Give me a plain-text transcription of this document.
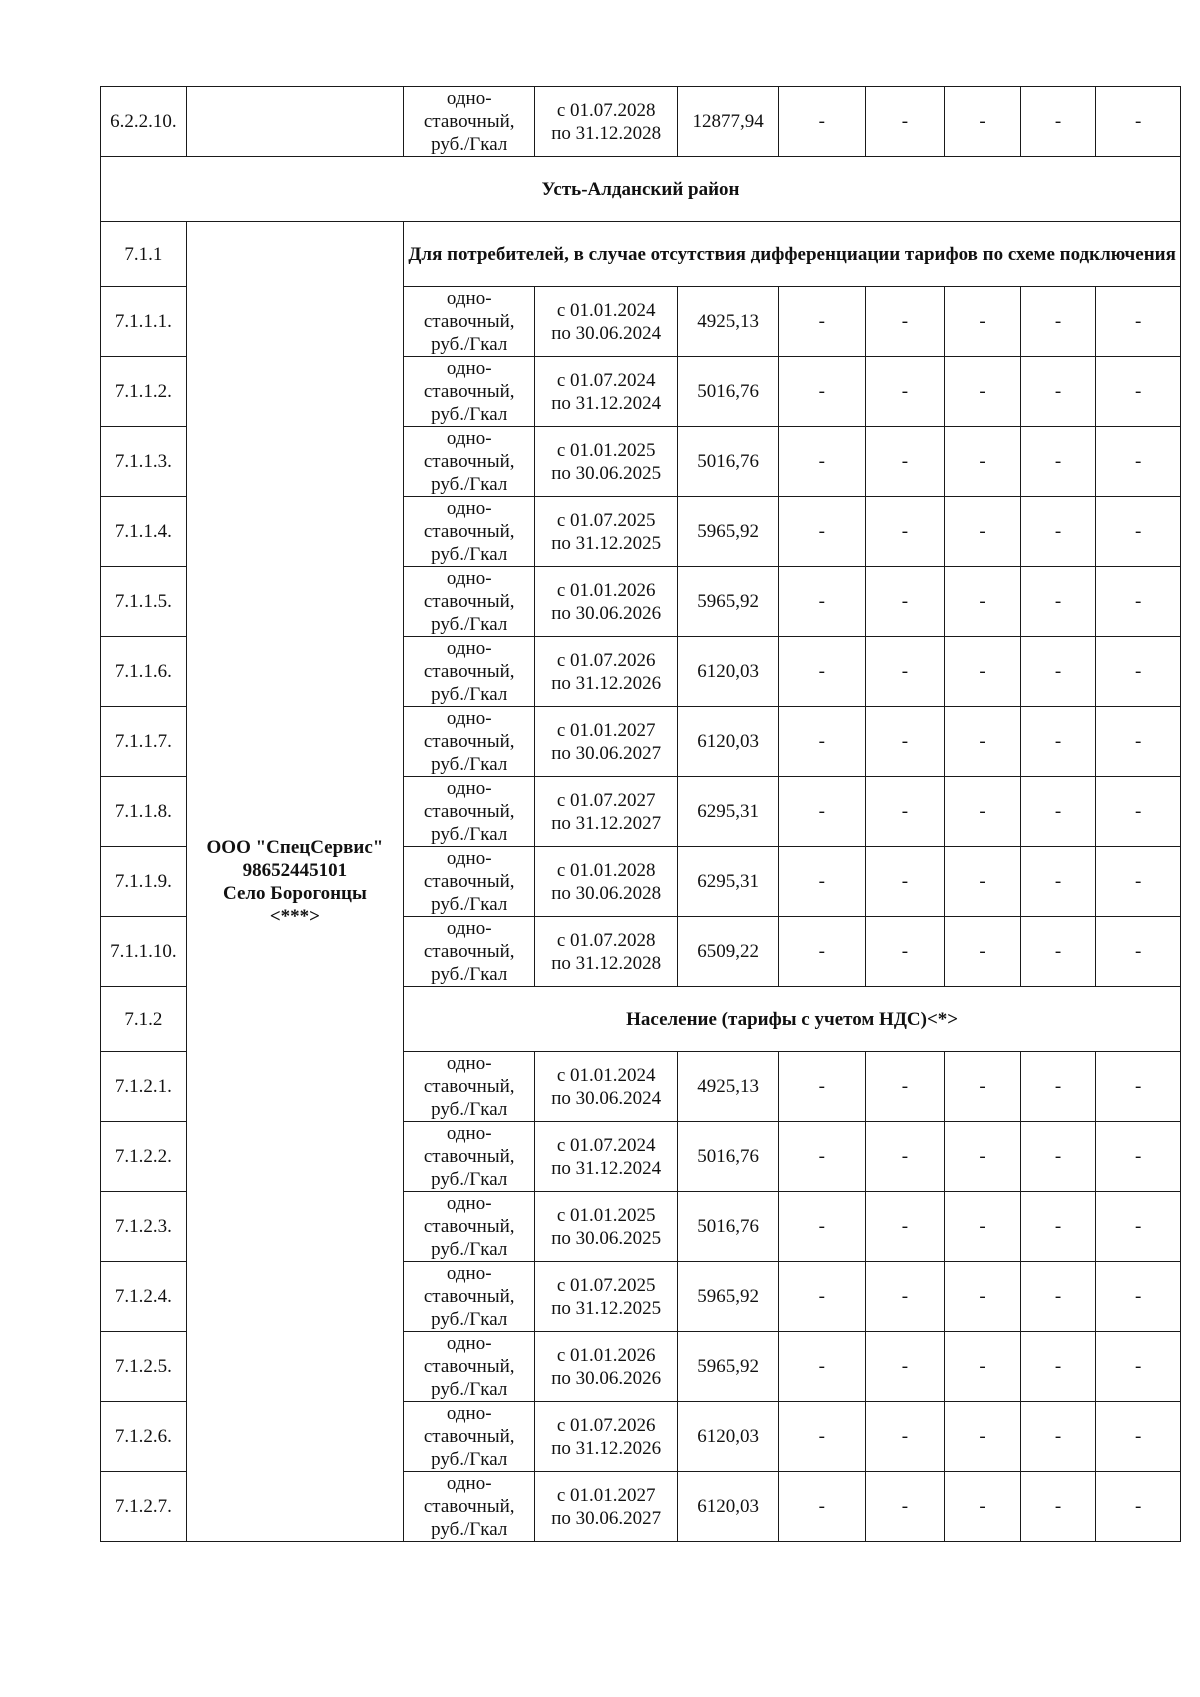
6.2.2.10.		одно-
ставочный,
руб./Гкал	с 01.07.2028
по 31.12.2028	12877,94	-	-	-	-	-
Усть-Алданский район									
7.1.1	ООО "СпецСервис"
98652445101
Село Борогонцы
<***>	Для потребителей, в случае отсутствия дифференциации тарифов по схеме подключения							
7.1.1.1.		одно-
ставочный,
руб./Гкал	с 01.01.2024
по 30.06.2024	4925,13	-	-	-	-	-
7.1.1.2.		одно-
ставочный,
руб./Гкал	с 01.07.2024
по 31.12.2024	5016,76	-	-	-	-	-
7.1.1.3.		одно-
ставочный,
руб./Гкал	с 01.01.2025
по 30.06.2025	5016,76	-	-	-	-	-
7.1.1.4.		одно-
ставочный,
руб./Гкал	с 01.07.2025
по 31.12.2025	5965,92	-	-	-	-	-
7.1.1.5.		одно-
ставочный,
руб./Гкал	с 01.01.2026
по 30.06.2026	5965,92	-	-	-	-	-
7.1.1.6.		одно-
ставочный,
руб./Гкал	с 01.07.2026
по 31.12.2026	6120,03	-	-	-	-	-
7.1.1.7.		одно-
ставочный,
руб./Гкал	с 01.01.2027
по 30.06.2027	6120,03	-	-	-	-	-
7.1.1.8.		одно-
ставочный,
руб./Гкал	с 01.07.2027
по 31.12.2027	6295,31	-	-	-	-	-
7.1.1.9.		одно-
ставочный,
руб./Гкал	с 01.01.2028
по 30.06.2028	6295,31	-	-	-	-	-
7.1.1.10.		одно-
ставочный,
руб./Гкал	с 01.07.2028
по 31.12.2028	6509,22	-	-	-	-	-
7.1.2		Население (тарифы с учетом НДС)<*>							
7.1.2.1.		одно-
ставочный,
руб./Гкал	с 01.01.2024
по 30.06.2024	4925,13	-	-	-	-	-
7.1.2.2.		одно-
ставочный,
руб./Гкал	с 01.07.2024
по 31.12.2024	5016,76	-	-	-	-	-
7.1.2.3.		одно-
ставочный,
руб./Гкал	с 01.01.2025
по 30.06.2025	5016,76	-	-	-	-	-
7.1.2.4.		одно-
ставочный,
руб./Гкал	с 01.07.2025
по 31.12.2025	5965,92	-	-	-	-	-
7.1.2.5.		одно-
ставочный,
руб./Гкал	с 01.01.2026
по 30.06.2026	5965,92	-	-	-	-	-
7.1.2.6.		одно-
ставочный,
руб./Гкал	с 01.07.2026
по 31.12.2026	6120,03	-	-	-	-	-
7.1.2.7.		одно-
ставочный,
руб./Гкал	с 01.01.2027
по 30.06.2027	6120,03	-	-	-	-	-
